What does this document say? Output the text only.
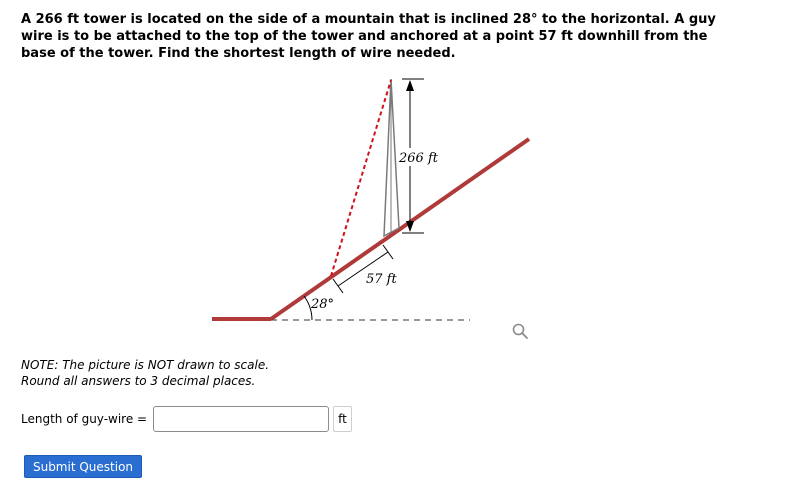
A 266 ft tower is located on the side of a mountain that is inclined 28° to the horizontal. A guy wire is to be attached to the top of the tower and anchored at a point 57 ft downhill from the base of the tower. Find the shortest length of wire needed.

266 ft
57 ft
28°
NOTE: The picture is NOT drawn to scale.
Round all answers to 3 decimal places.
Length of guy-wire =	ft
Submit Question
